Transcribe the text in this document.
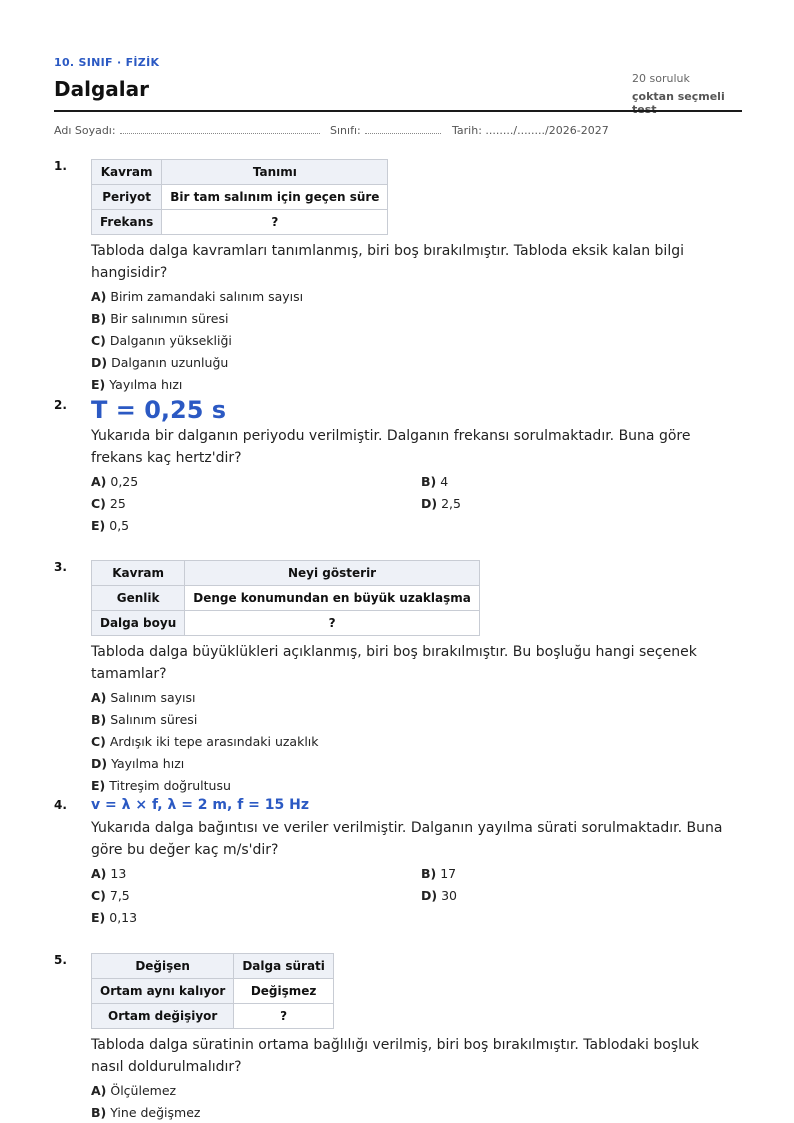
10. SINIF · FİZİK
Dalgalar	20 soruluk
çoktan seçmeli
Adı Soyadı:	Sınıfı:	Tarih: ......../......../2026-2027
1.	Kavram	Tanımı
Periyot	Bir tam salınım için geçen süre
Frekans	?
Tabloda dalga kavramları tanımlanmış, biri boş bırakılmıştır. Tabloda eksik kalan bilgi hangisidir?
A) Birim zamandaki salınım sayısı
B) Bir salınımın süresi
C) Dalganın yüksekliği
D) Dalganın uzunluğu
E) Yayılma hızı
2. T = 0,25 s
Yukarıda bir dalganın periyodu verilmiştir. Dalganın frekansı sorulmaktadır. Buna göre frekans kaç hertz'dir?
A) 0,25	B) 4
C) 25	D) 2,5
E) 0,5
3.	Kavram	Neyi gösterir
Genlik	Denge konumundan en büyük uzaklaşma
Dalga boyu	?
Tabloda dalga büyüklükleri açıklanmış, biri boş bırakılmıştır. Bu boşluğu hangi seçenek tamamlar?
A) Salınım sayısı
B) Salınım süresi
C) Ardışık iki tepe arasındaki uzaklık
D) Yayılma hızı
E) Titreşim doğrultusu
4. v = λ × f, λ = 2 m, f = 15 Hz
Yukarıda dalga bağıntısı ve veriler verilmiştir. Dalganın yayılma sürati sorulmaktadır. Buna göre bu değer kaç m/s'dir?
A) 13	B) 17
C) 7,5	D) 30
E) 0,13
5.	Değişen	Dalga sürati
Ortam aynı kalıyor	Değişmez
Ortam değişiyor	?
Tabloda dalga süratinin ortama bağlılığı verilmiş, biri boş bırakılmıştır. Tablodaki boşluk nasıl doldurulmalıdır?
A) Ölçülemez
B) Yine değişmez
